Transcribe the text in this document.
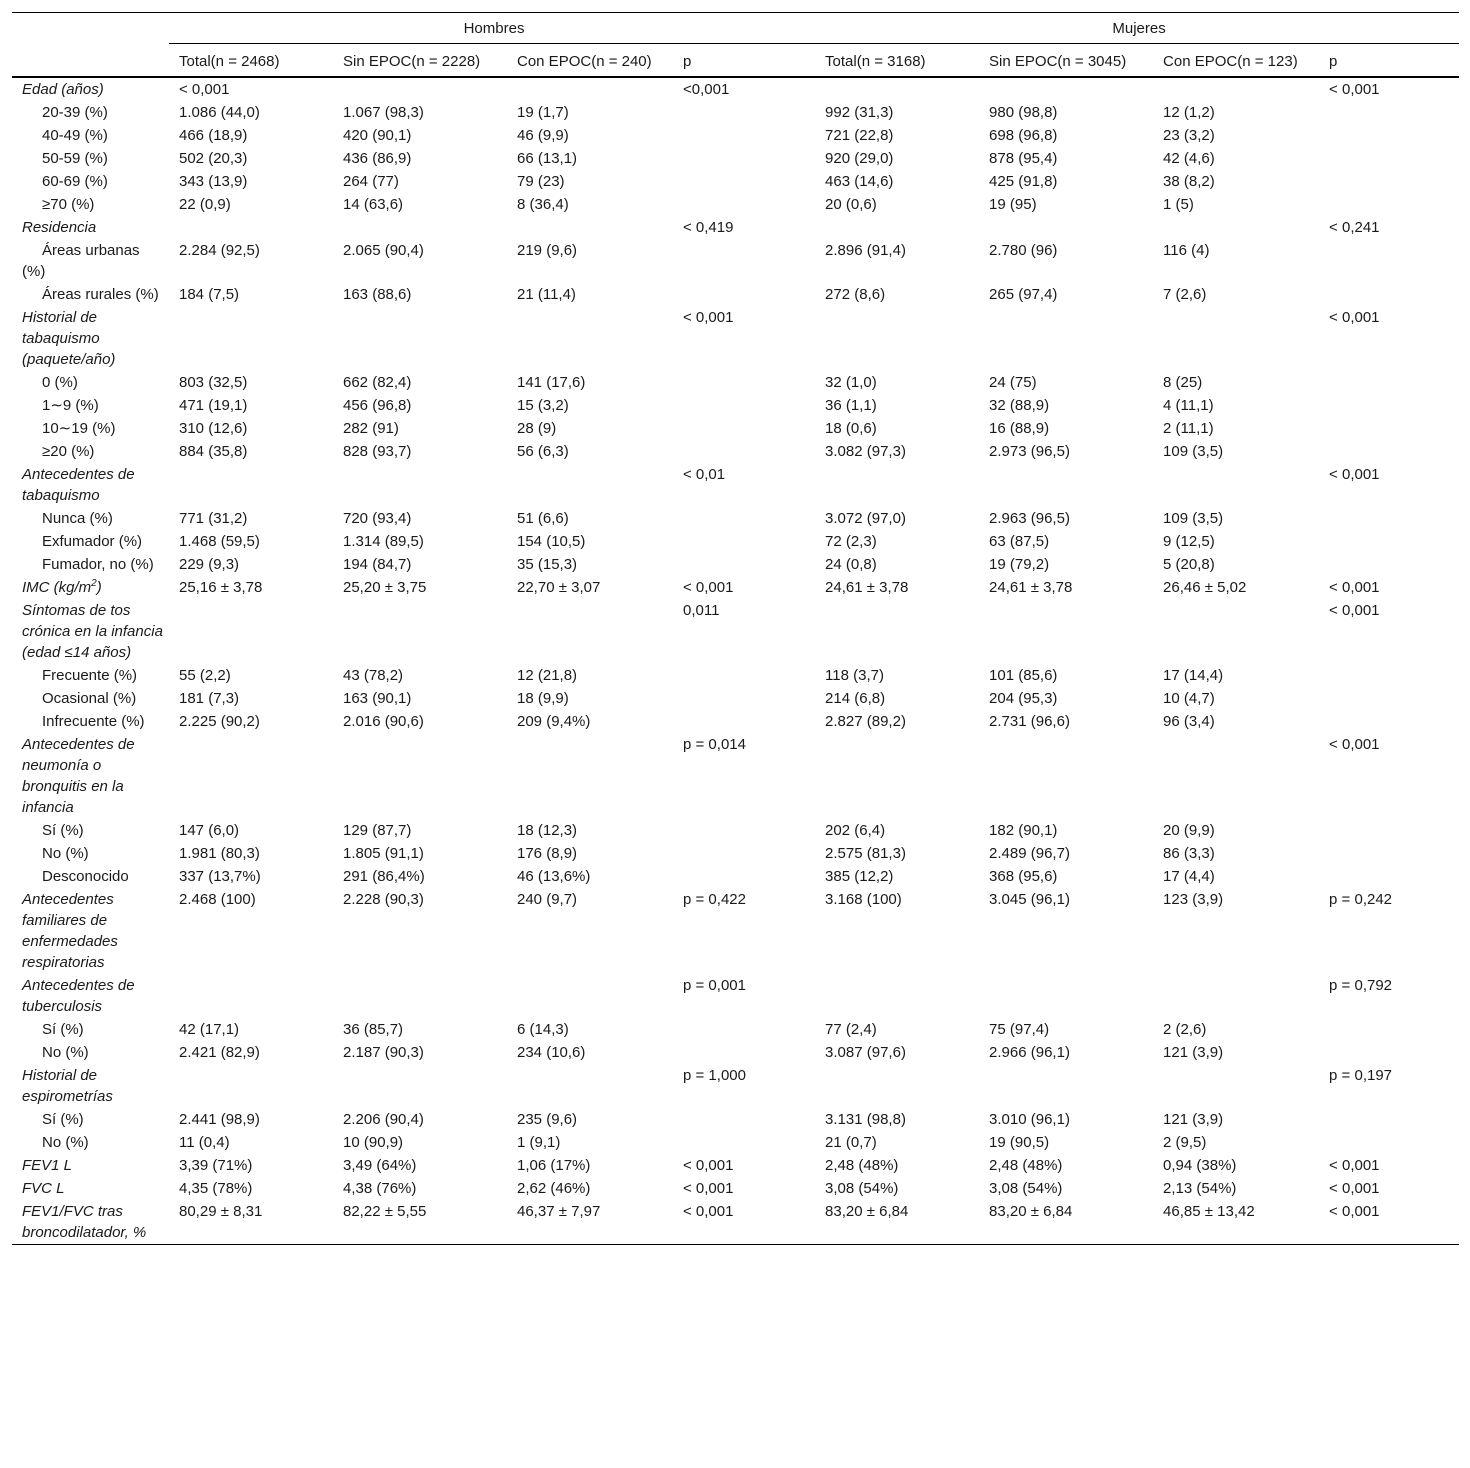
	Hombres				Mujeres			
	Total(n = 2468)	Sin EPOC(n = 2228)	Con EPOC(n = 240)	p	Total(n = 3168)	Sin EPOC(n = 3045)	Con EPOC(n = 123)	p
Edad (años)	< 0,001			<0,001				< 0,001
20-39 (%)	1.086 (44,0)	1.067 (98,3)	19 (1,7)		992 (31,3)	980 (98,8)	12 (1,2)	
40-49 (%)	466 (18,9)	420 (90,1)	46 (9,9)		721 (22,8)	698 (96,8)	23 (3,2)	
50-59 (%)	502 (20,3)	436 (86,9)	66 (13,1)		920 (29,0)	878 (95,4)	42 (4,6)	
60-69 (%)	343 (13,9)	264 (77)	79 (23)		463 (14,6)	425 (91,8)	38 (8,2)	
≥70 (%)	22 (0,9)	14 (63,6)	8 (36,4)		20 (0,6)	19 (95)	1 (5)	
Residencia				< 0,419				< 0,241
Áreas urbanas (%)	2.284 (92,5)	2.065 (90,4)	219 (9,6)		2.896 (91,4)	2.780 (96)	116 (4)	
Áreas rurales (%)	184 (7,5)	163 (88,6)	21 (11,4)		272 (8,6)	265 (97,4)	7 (2,6)	
Historial de tabaquismo (paquete/año)				< 0,001				< 0,001
0 (%)	803 (32,5)	662 (82,4)	141 (17,6)		32 (1,0)	24 (75)	8 (25)	
1∼9 (%)	471 (19,1)	456 (96,8)	15 (3,2)		36 (1,1)	32 (88,9)	4 (11,1)	
10∼19 (%)	310 (12,6)	282 (91)	28 (9)		18 (0,6)	16 (88,9)	2 (11,1)	
≥20 (%)	884 (35,8)	828 (93,7)	56 (6,3)		3.082 (97,3)	2.973 (96,5)	109 (3,5)	
Antecedentes de tabaquismo				< 0,01				< 0,001
Nunca (%)	771 (31,2)	720 (93,4)	51 (6,6)		3.072 (97,0)	2.963 (96,5)	109 (3,5)	
Exfumador (%)	1.468 (59,5)	1.314 (89,5)	154 (10,5)		72 (2,3)	63 (87,5)	9 (12,5)	
Fumador, no (%)	229 (9,3)	194 (84,7)	35 (15,3)		24 (0,8)	19 (79,2)	5 (20,8)	
IMC $(kg/m^2)$	25,16 ± 3,78	25,20 ± 3,75	22,70 ± 3,07	< 0,001	24,61 ± 3,78	24,61 ± 3,78	26,46 ± 5,02	< 0,001
Síntomas de tos crónica en la infancia (edad ≤14 años)				0,011				< 0,001
Frecuente (%)	55 (2,2)	43 (78,2)	12 (21,8)		118 (3,7)	101 (85,6)	17 (14,4)	
Ocasional (%)	181 (7,3)	163 (90,1)	18 (9,9)		214 (6,8)	204 (95,3)	10 (4,7)	
Infrecuente (%)	2.225 (90,2)	2.016 (90,6)	209 (9,4%)		2.827 (89,2)	2.731 (96,6)	96 (3,4)	
Antecedentes de neumonía o bronquitis en la infancia				p = 0,014				< 0,001
Sí (%)	147 (6,0)	129 (87,7)	18 (12,3)		202 (6,4)	182 (90,1)	20 (9,9)	
No (%)	1.981 (80,3)	1.805 (91,1)	176 (8,9)		2.575 (81,3)	2.489 (96,7)	86 (3,3)	
Desconocido	337 (13,7%)	291 (86,4%)	46 (13,6%)		385 (12,2)	368 (95,6)	17 (4,4)	
Antecedentes familiares de enfermedades respiratorias	2.468 (100)	2.228 (90,3)	240 (9,7)	p = 0,422	3.168 (100)	3.045 (96,1)	123 (3,9)	p = 0,242
Antecedentes de tuberculosis				p = 0,001				p = 0,792
Sí (%)	42 (17,1)	36 (85,7)	6 (14,3)		77 (2,4)	75 (97,4)	2 (2,6)	
No (%)	2.421 (82,9)	2.187 (90,3)	234 (10,6)		3.087 (97,6)	2.966 (96,1)	121 (3,9)	
Historial de espirometrías				p = 1,000				p = 0,197
Sí (%)	2.441 (98,9)	2.206 (90,4)	235 (9,6)		3.131 (98,8)	3.010 (96,1)	121 (3,9)	
No (%)	11 (0,4)	10 (90,9)	1 (9,1)		21 (0,7)	19 (90,5)	2 (9,5)	
FEV1 L	3,39 (71%)	3,49 (64%)	1,06 (17%)	< 0,001	2,48 (48%)	2,48 (48%)	0,94 (38%)	< 0,001
FVC L	4,35 (78%)	4,38 (76%)	2,62 (46%)	< 0,001	3,08 (54%)	3,08 (54%)	2,13 (54%)	< 0,001
FEV1/FVC tras broncodilatador, %	80,29 ± 8,31	82,22 ± 5,55	46,37 ± 7,97	< 0,001	83,20 ± 6,84	83,20 ± 6,84	46,85 ± 13,42	< 0,001
